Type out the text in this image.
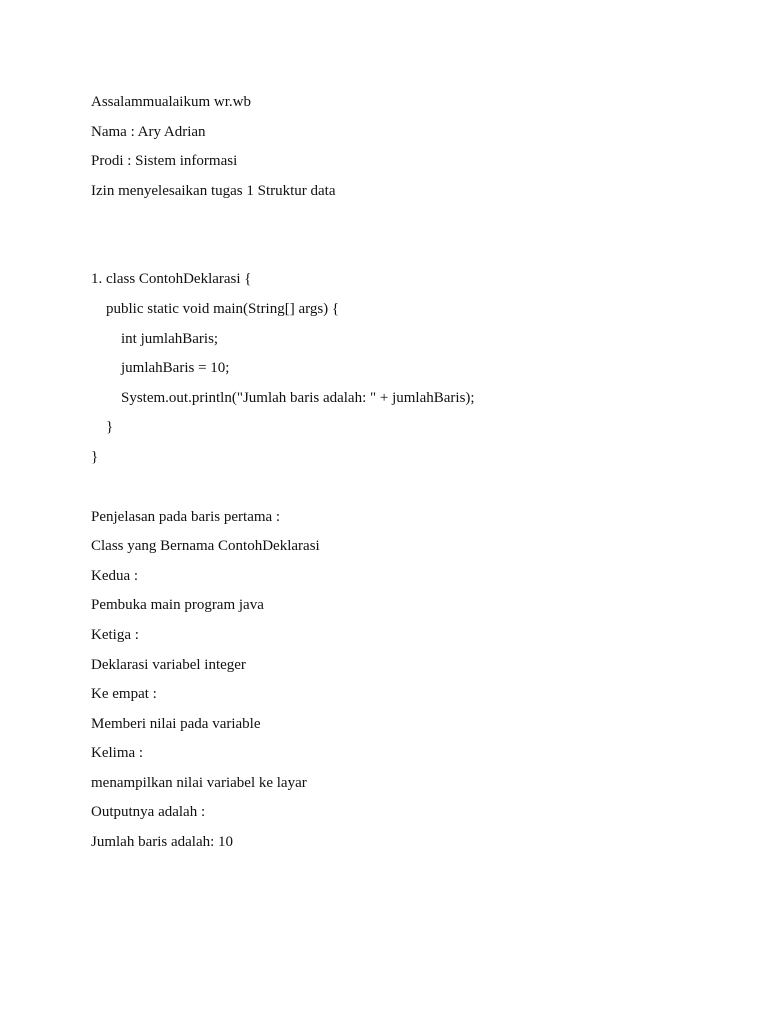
Assalammualaikum wr.wb
Nama : Ary Adrian
Prodi : Sistem informasi
Izin menyelesaikan tugas 1 Struktur data
1. class ContohDeklarasi {
public static void main(String[] args) {
int jumlahBaris;
jumlahBaris = 10;
System.out.println("Jumlah baris adalah: " + jumlahBaris);
}
}
Penjelasan pada baris pertama :
Class yang Bernama ContohDeklarasi
Kedua :
Pembuka main program java
Ketiga :
Deklarasi variabel integer
Ke empat :
Memberi nilai pada variable
Kelima :
menampilkan nilai variabel ke layar
Outputnya adalah :
Jumlah baris adalah: 10
